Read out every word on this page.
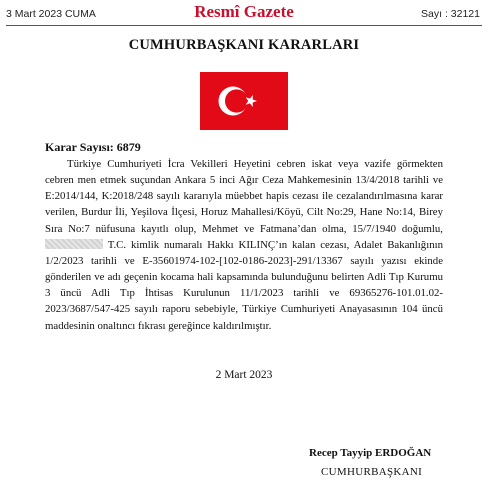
3 Mart 2023 CUMA	Resmî Gazete	Sayı : 32121
CUMHURBAŞKANI KARARLARI
Karar Sayısı: 6879

Türkiye Cumhuriyeti İcra Vekilleri Heyetini cebren iskat veya vazife görmekten cebren men etmek suçundan Ankara 5 inci Ağır Ceza Mahkemesinin 13/4/2018 tarihli ve E:2014/144, K:2018/248 sayılı kararıyla müebbet hapis cezası ile cezalandırılmasına karar verilen, Burdur İli, Yeşilova İlçesi, Horuz Mahallesi/Köyü, Cilt No:29, Hane No:14, Birey Sıra No:7 nüfusuna kayıtlı olup, Mehmet ve Fatmana’dan olma, 15/7/1940 doğumlu,  T.C. kimlik numaralı Hakkı KILINÇ’ın kalan cezası, Adalet Bakanlığının 1/2/2023 tarihli ve E-35601974-102-[102-0186-2023]-291/13367 sayılı yazısı ekinde gönderilen ve adı geçenin kocama hali kapsamında bulunduğunu belirten Adli Tıp Kurumu 3 üncü Adli Tıp İhtisas Kurulunun 11/1/2023 tarihli ve 69365276-101.01.02-2023/3687/547-425 sayılı raporu sebebiyle, Türkiye Cumhuriyeti Anayasasının 104 üncü maddesinin onaltıncı fıkrası gereğince kaldırılmıştır.

2 Mart 2023
Recep Tayyip ERDOĞAN
CUMHURBAŞKANI
